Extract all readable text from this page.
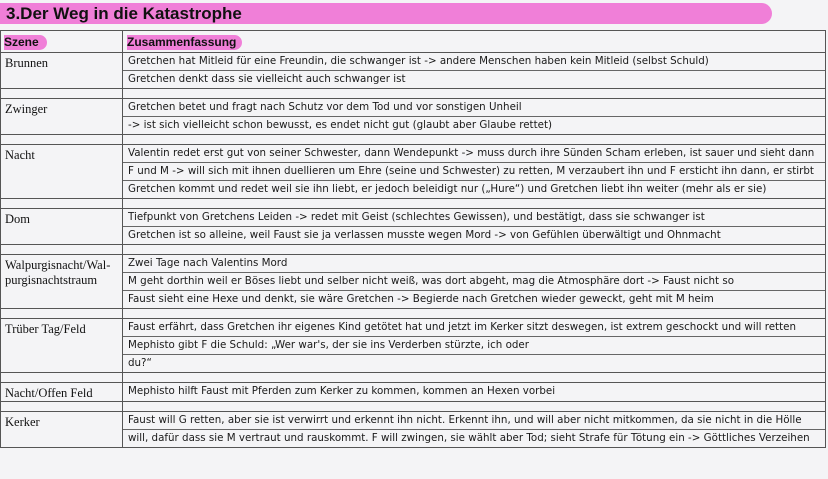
3.Der Weg in die Katastrophe
Szene	Zusammenfassung

Brunnen	Gretchen hat Mitleid für eine Freundin, die schwanger ist -> andere Menschen haben kein Mitleid (selbst Schuld)
Gretchen denkt dass sie vielleicht auch schwanger ist

Zwinger	Gretchen betet und fragt nach Schutz vor dem Tod und vor sonstigen Unheil
-> ist sich vielleicht schon bewusst, es endet nicht gut (glaubt aber Glaube rettet)

Nacht	Valentin redet erst gut von seiner Schwester, dann Wendepunkt -> muss durch ihre Sünden Scham erleben, ist sauer und sieht dann
F und M -> will sich mit ihnen duellieren um Ehre (seine und Schwester) zu retten, M verzaubert ihn und F ersticht ihn dann, er stirbt
Gretchen kommt und redet weil sie ihn liebt, er jedoch beleidigt nur („Hure“) und Gretchen liebt ihn weiter (mehr als er sie)

Dom	Tiefpunkt von Gretchens Leiden -> redet mit Geist (schlechtes Gewissen), und bestätigt, dass sie schwanger ist
Gretchen ist so alleine, weil Faust sie ja verlassen musste wegen Mord -> von Gefühlen überwältigt und Ohnmacht

Walpurgisnacht/Wal-
purgisnachtstraum	Zwei Tage nach Valentins Mord
M geht dorthin weil er Böses liebt und selber nicht weiß, was dort abgeht, mag die Atmosphäre dort -> Faust nicht so
Faust sieht eine Hexe und denkt, sie wäre Gretchen -> Begierde nach Gretchen wieder geweckt, geht mit M heim

Trüber Tag/Feld	Faust erfährt, dass Gretchen ihr eigenes Kind getötet hat und jetzt im Kerker sitzt deswegen, ist extrem geschockt und will retten
Mephisto gibt F die Schuld: „Wer war's, der sie ins Verderben stürzte, ich oder
du?“

Nacht/Offen Feld	Mephisto hilft Faust mit Pferden zum Kerker zu kommen, kommen an Hexen vorbei

Kerker	Faust will G retten, aber sie ist verwirrt und erkennt ihn nicht. Erkennt ihn, und will aber nicht mitkommen, da sie nicht in die Hölle
will, dafür dass sie M vertraut und rauskommt. F will zwingen, sie wählt aber Tod; sieht Strafe für Tötung ein -> Göttliches Verzeihen
